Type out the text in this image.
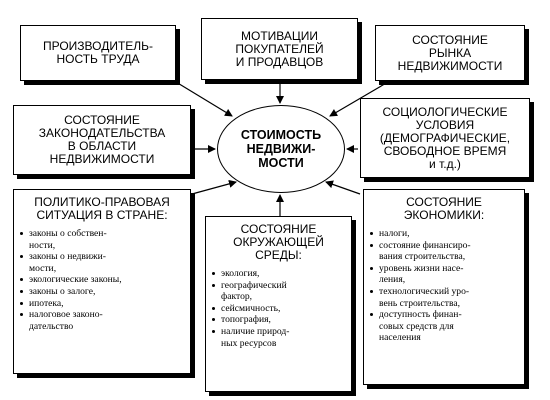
ПРОИЗВОДИТЕЛЬ-
НОСТЬ ТРУДА
МОТИВАЦИИ
ПОКУПАТЕЛЕЙ
И ПРОДАВЦОВ
СОСТОЯНИЕ
РЫНКА
НЕДВИЖИМОСТИ
СОСТОЯНИЕ
ЗАКОНОДАТЕЛЬСТВА
В ОБЛАСТИ
НЕДВИЖИМОСТИ
СТОИМОСТЬ
НЕДВИЖИ-
МОСТИ
СОЦИОЛОГИЧЕСКИЕ
УСЛОВИЯ
(ДЕМОГРАФИЧЕСКИЕ,
СВОБОДНОЕ ВРЕМЯ
и т.д.)
ПОЛИТИКО-ПРАВОВАЯ
СИТУАЦИЯ В СТРАНЕ:
законы о собствен-
ности,
законы о недвижи-
мости,
экологические законы,
законы о залоге,
ипотека,
налоговое законо-
дательство
СОСТОЯНИЕ
ОКРУЖАЮЩЕЙ
СРЕДЫ:
экология,
географический
фактор,
сейсмичность,
топография,
наличие природ-
ных ресурсов
СОСТОЯНИЕ
ЭКОНОМИКИ:
налоги,
состояние финансиро-
вания строительства,
уровень жизни насе-
ления,
технологический уро-
вень строительства,
доступность финан-
совых средств для
населения
